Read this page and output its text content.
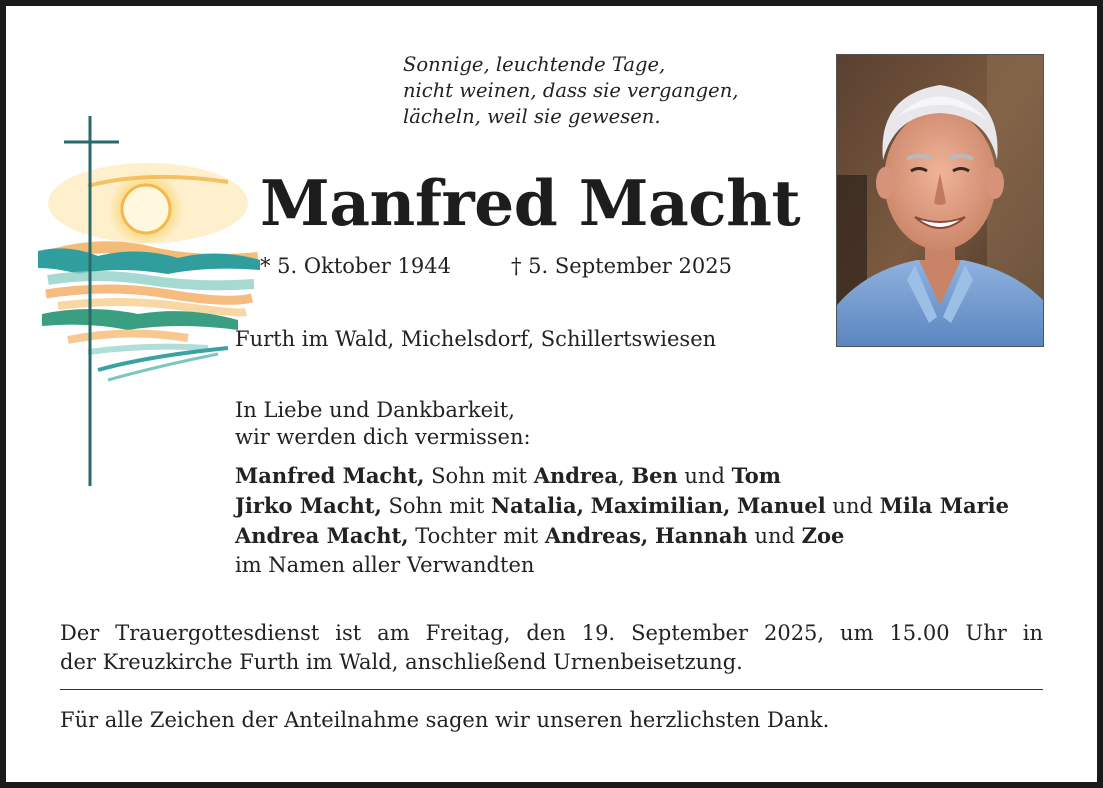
Sonnige, leuchtende Tage,
nicht weinen, dass sie vergangen,
lächeln, weil sie gewesen.
Manfred Macht
* 5. Oktober 1944	† 5. September 2025
Furth im Wald, Michelsdorf, Schillertswiesen
In Liebe und Dankbarkeit,
wir werden dich vermissen:
Manfred Macht, Sohn mit Andrea, Ben und Tom
Jirko Macht, Sohn mit Natalia, Maximilian, Manuel und Mila Marie
Andrea Macht, Tochter mit Andreas, Hannah und Zoe
im Namen aller Verwandten
Der Trauergottesdienst ist am Freitag, den 19. September 2025, um 15.00 Uhr in
der Kreuzkirche Furth im Wald, anschließend Urnenbeisetzung.
Für alle Zeichen der Anteilnahme sagen wir unseren herzlichsten Dank.
